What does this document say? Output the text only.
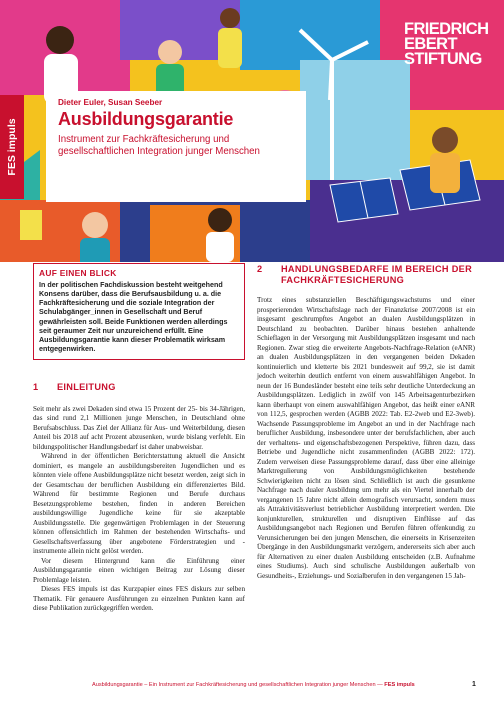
FRIEDRICH
EBERT
STIFTUNG
FES impuls
Dieter Euler, Susan Seeber
Ausbildungsgarantie
Instrument zur Fachkräftesicherung und gesellschaftlichen Integration junger Menschen
AUF EINEN BLICK
In der politischen Fachdiskussion besteht weitgehend Konsens darüber, dass die Berufsausbildung u. a. die Fachkräftesicherung und die soziale Integration der Schulabgänger_innen in Gesellschaft und Beruf gewährleisten soll. Beide Funktionen werden allerdings seit geraumer Zeit nur unzureichend erfüllt. Eine Ausbildungsgarantie kann dieser Problematik wirksam entgegenwirken.
1	EINLEITUNG

Seit mehr als zwei Dekaden sind etwa 15 Prozent der 25- bis 34-Jährigen, das sind rund 2,1 Millionen junge Menschen, in Deutschland ohne Berufsabschluss. Das Ziel der Allianz für Aus- und Weiterbildung, diesen Anteil bis 2018 auf acht Prozent abzusenken, wurde bislang verfehlt. Ein bildungspolitischer Handlungsbedarf ist daher unabweisbar.

Während in der öffentlichen Berichterstattung aktuell die Ansicht dominiert, es mangele an ausbildungsbereiten Jugendlichen und es könnten viele offene Ausbildungsplätze nicht besetzt werden, zeigt sich in der Gesamtschau der beruflichen Ausbildung ein differenziertes Bild. Während für bestimmte Regionen und Berufe durchaus Besetzungsprobleme bestehen, finden in anderen Bereichen ausbildungswillige Jugendliche keine für sie akzeptable Ausbildungsstelle. Die gegenwärtigen Problemlagen in der Steuerung können offensichtlich im Rahmen der bestehenden Wirtschafts- und Gesellschaftsverfassung über angebotene Förderstrategien und -instrumente allein nicht gelöst werden.

Vor diesem Hintergrund kann die Einführung einer Ausbildungsgarantie einen wichtigen Beitrag zur Lösung dieser Problemlage leisten.

Dieses FES impuls ist das Kurzpapier eines FES diskurs zur selben Thematik. Für genauere Ausführungen zu einzelnen Punkten kann auf diese Publikation zurückgegriffen werden.

2	HANDLUNGSBEDARFE IM BEREICH DER FACHKRÄFTESICHERUNG

Trotz eines substanziellen Beschäftigungswachstums und einer prosperierenden Wirtschaftslage nach der Finanzkrise 2007/2008 ist ein insgesamt geschrumpftes Angebot an dualen Ausbildungsplätzen in Deutschland zu beobachten. Darüber hinaus bestehen anhaltende Schieflagen in der Versorgung mit Ausbildungsplätzen insgesamt und nach Regionen. Zwar stieg die erweiterte Angebots-Nachfrage-Relation (eANR) an dualen Ausbildungsplätzen in den vergangenen beiden Dekaden kontinuierlich und kletterte bis 2021 bundesweit auf 99,2, sie ist damit jedoch weiterhin deutlich entfernt von einem auswahlfähigen Angebot. In neun der 16 Bundesländer besteht eine teils sehr deutliche Unterdeckung an Ausbildungsplätzen. Lediglich in zwölf von 145 Arbeitsagenturbezirken kann überhaupt von einem auswahlfähigen Angebot, das heißt einer eANR von 112,5, gesprochen werden (AGBB 2022: Tab. E2-2web und E2-3web). Wachsende Passungsprobleme im Angebot an und in der Nachfrage nach beruflicher Ausbildung, insbesondere unter der berufsfachlichen, aber auch der verhaltens- und eigenschaftsbezogenen Perspektive, führen dazu, dass Betriebe und Jugendliche nicht zusammenfinden (AGBB 2022: 172). Zudem verweisen diese Passungsprobleme darauf, dass über eine alleinige Marktregulierung von Ausbildungsmöglichkeiten bestehende Schwierigkeiten nicht zu lösen sind. Schließlich ist auch die gesunkene Nachfrage nach dualer Ausbildung um mehr als ein Viertel innerhalb der vergangenen 15 Jahre nicht allein demografisch verursacht, sondern muss als Attraktivitätsverlust betrieblicher Ausbildung interpretiert werden. Die konjunkturellen, strukturellen und disruptiven Einflüsse auf das Ausbildungsangebot nach Regionen und Berufen führen offenkundig zu Verunsicherungen bei den jungen Menschen, die einerseits in Krisenzeiten Übergänge in den Ausbildungsmarkt verzögern, andererseits sich aber auch für Alternativen zu einer dualen Ausbildung entscheiden (z.B. Aufnahme eines Studiums). Auch sind schulische Ausbildungen außerhalb von Gesundheits-, Erziehungs- und Sozialberufen in den vergangenen 15 Jah-

Ausbildungsgarantie – Ein Instrument zur Fachkräftesicherung und gesellschaftlichen Integration junger Menschen — FES impuls	1
